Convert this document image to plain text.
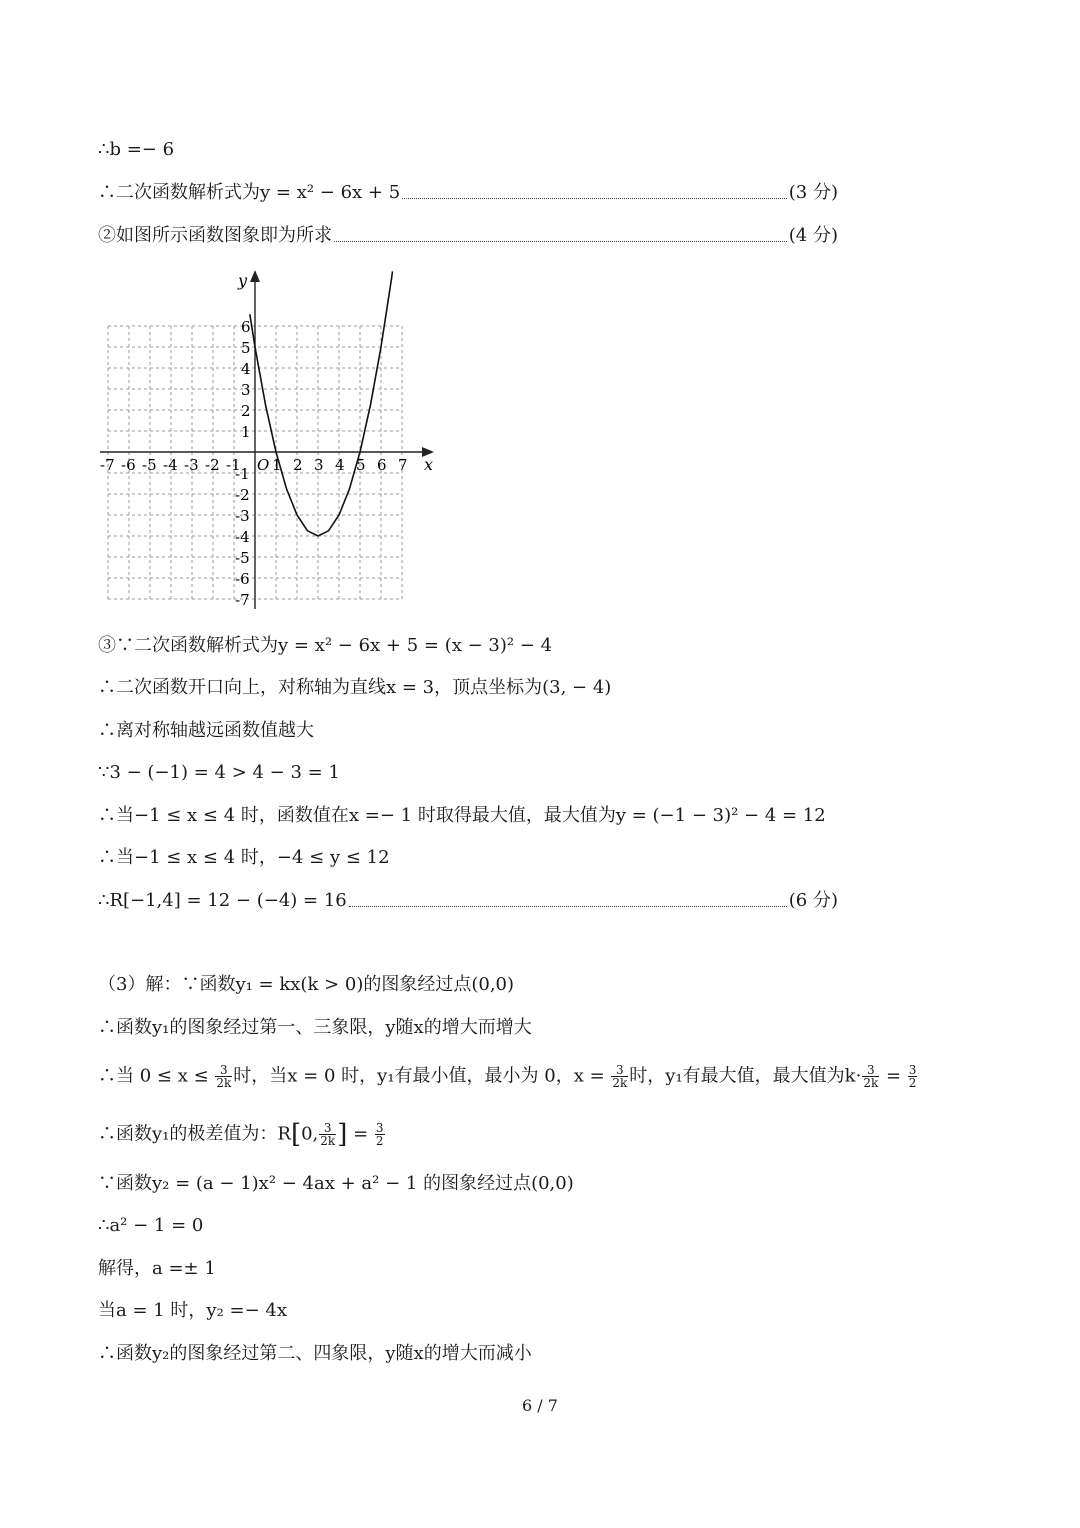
∴b =− 6
∴二次函数解析式为y = x² − 6x + 5	(3 分)
②如图所示函数图象即为所求	(4 分)
x
y
O
-7 -6 -5 -4 -3 -2 -1 1 2 3 4 5 6 7
6
5
4
3
2
1
-1
-2
-3
-4
-5
-6
-7
③∵二次函数解析式为y = x² − 6x + 5 = (x − 3)² − 4
∴二次函数开口向上，对称轴为直线x = 3，顶点坐标为(3, − 4)
∴离对称轴越远函数值越大
∵3 − (−1) = 4 > 4 − 3 = 1
∴当−1 ≤ x ≤ 4 时，函数值在x =− 1 时取得最大值，最大值为y = (−1 − 3)² − 4 = 12
∴当−1 ≤ x ≤ 4 时，−4 ≤ y ≤ 12
∴R[−1,4] = 12 − (−4) = 16	(6 分)
（3）解：∵函数y₁ = kx(k > 0)的图象经过点(0,0)
∴函数y₁的图象经过第一、三象限，y随x的增大而增大
∴当 $0 \le x \le \frac{3}{2k}$ 时，当x = 0 时，y₁有最小值，最小为 0，$x = \frac{3}{2k}$ 时，y₁有最大值，最大值为$k\cdot \frac{3}{2k} = \frac{3}{2}$
∴函数y₁的极差值为：R[0, $\frac{3}{2k}$ ] = $\frac{3}{2}$
∵函数y₂ = (a − 1)x² − 4ax + a² − 1 的图象经过点(0,0)
∴a² − 1 = 0
解得，a =± 1
当a = 1 时，y₂ =− 4x
∴函数y₂的图象经过第二、四象限，y随x的增大而减小
6 / 7
